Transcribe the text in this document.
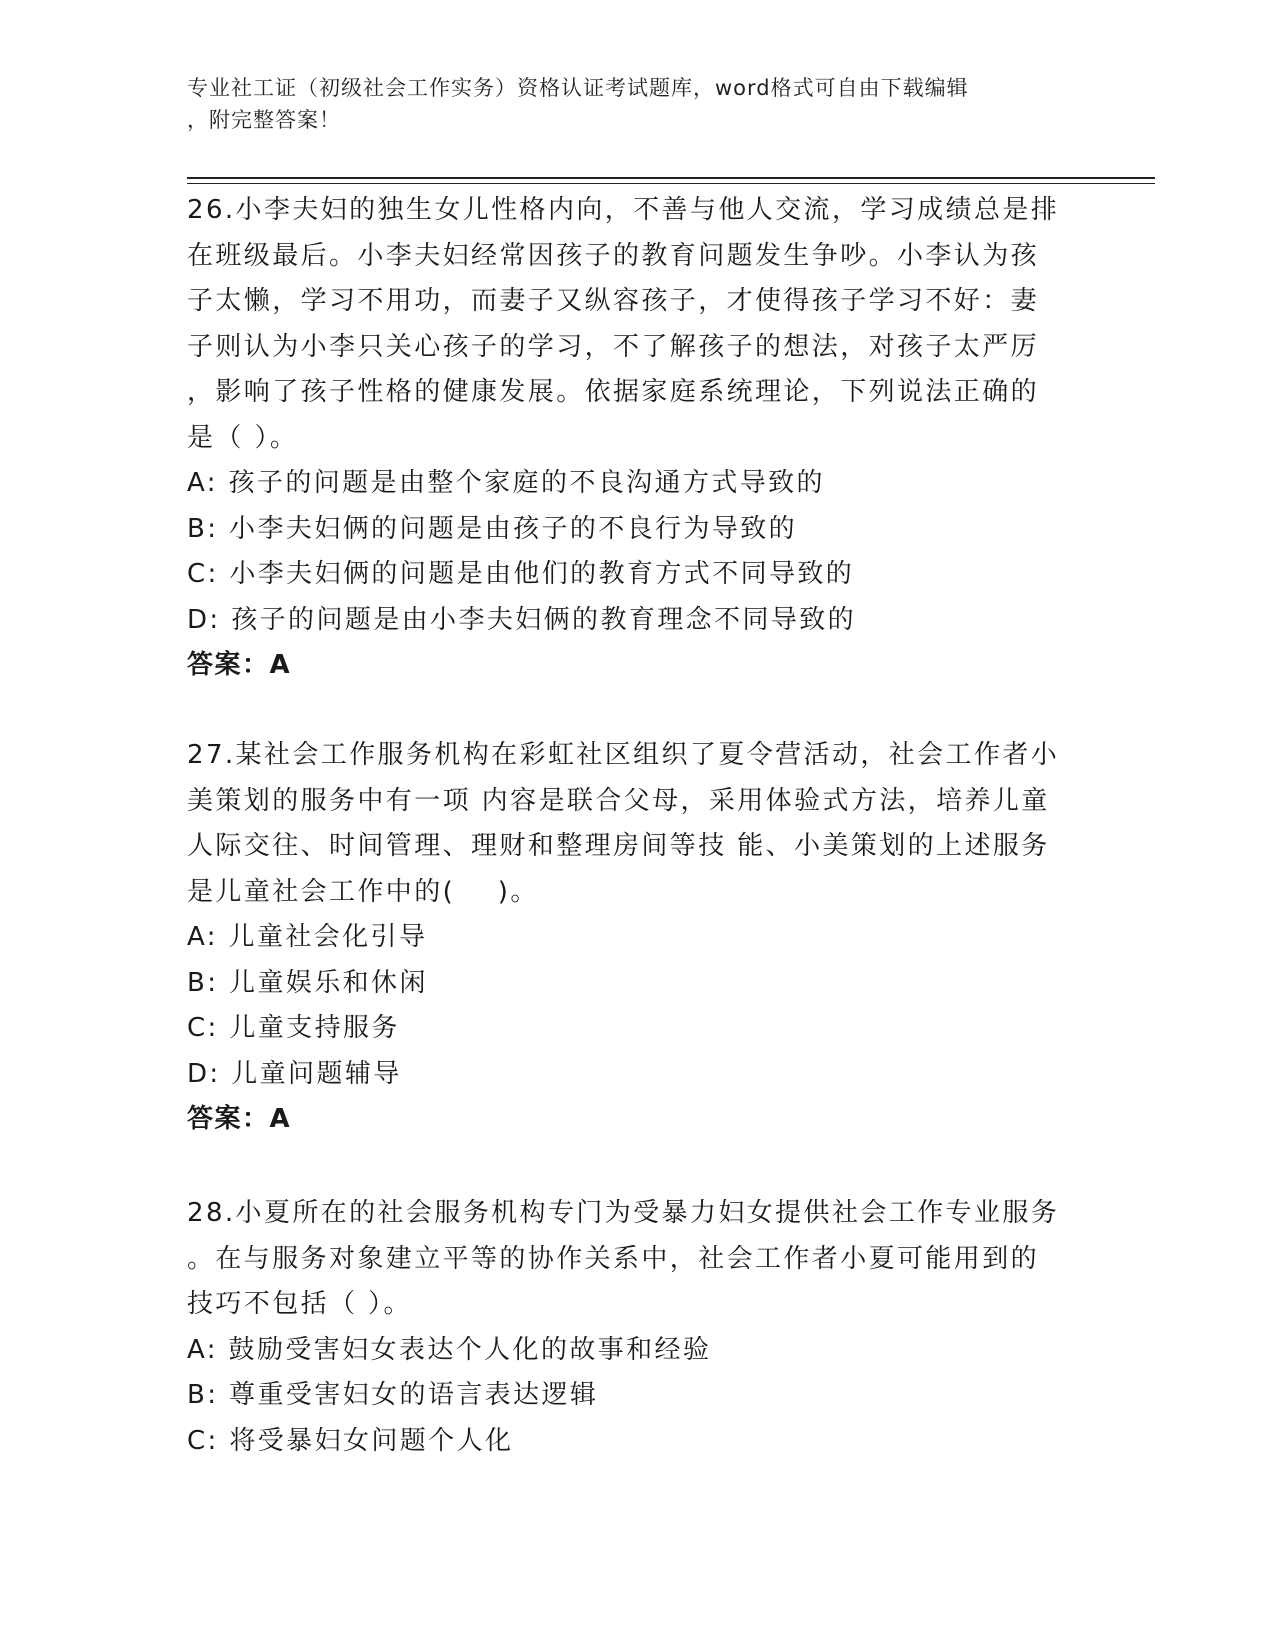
专业社工证（初级社会工作实务）资格认证考试题库，word格式可自由下载编辑
，附完整答案！

26.小李夫妇的独生女儿性格内向，不善与他人交流，学习成绩总是排

在班级最后。小李夫妇经常因孩子的教育问题发生争吵。小李认为孩

子太懒，学习不用功，而妻子又纵容孩子，才使得孩子学习不好：妻

子则认为小李只关心孩子的学习，不了解孩子的想法，对孩子太严厉

，影响了孩子性格的健康发展。依据家庭系统理论，下列说法正确的

是（ ）。

A: 孩子的问题是由整个家庭的不良沟通方式导致的

B: 小李夫妇俩的问题是由孩子的不良行为导致的

C: 小李夫妇俩的问题是由他们的教育方式不同导致的

D: 孩子的问题是由小李夫妇俩的教育理念不同导致的

答案：A

27.某社会工作服务机构在彩虹社区组织了夏令营活动，社会工作者小

美策划的服务中有一项 内容是联合父母，采用体验式方法，培养儿童

人际交往、时间管理、理财和整理房间等技 能、小美策划的上述服务

是儿童社会工作中的(    )。

A: 儿童社会化引导

B: 儿童娱乐和休闲

C: 儿童支持服务

D: 儿童问题辅导

答案：A

28.小夏所在的社会服务机构专门为受暴力妇女提供社会工作专业服务

。在与服务对象建立平等的协作关系中，社会工作者小夏可能用到的

技巧不包括（ ）。

A: 鼓励受害妇女表达个人化的故事和经验

B: 尊重受害妇女的语言表达逻辑

C: 将受暴妇女问题个人化
